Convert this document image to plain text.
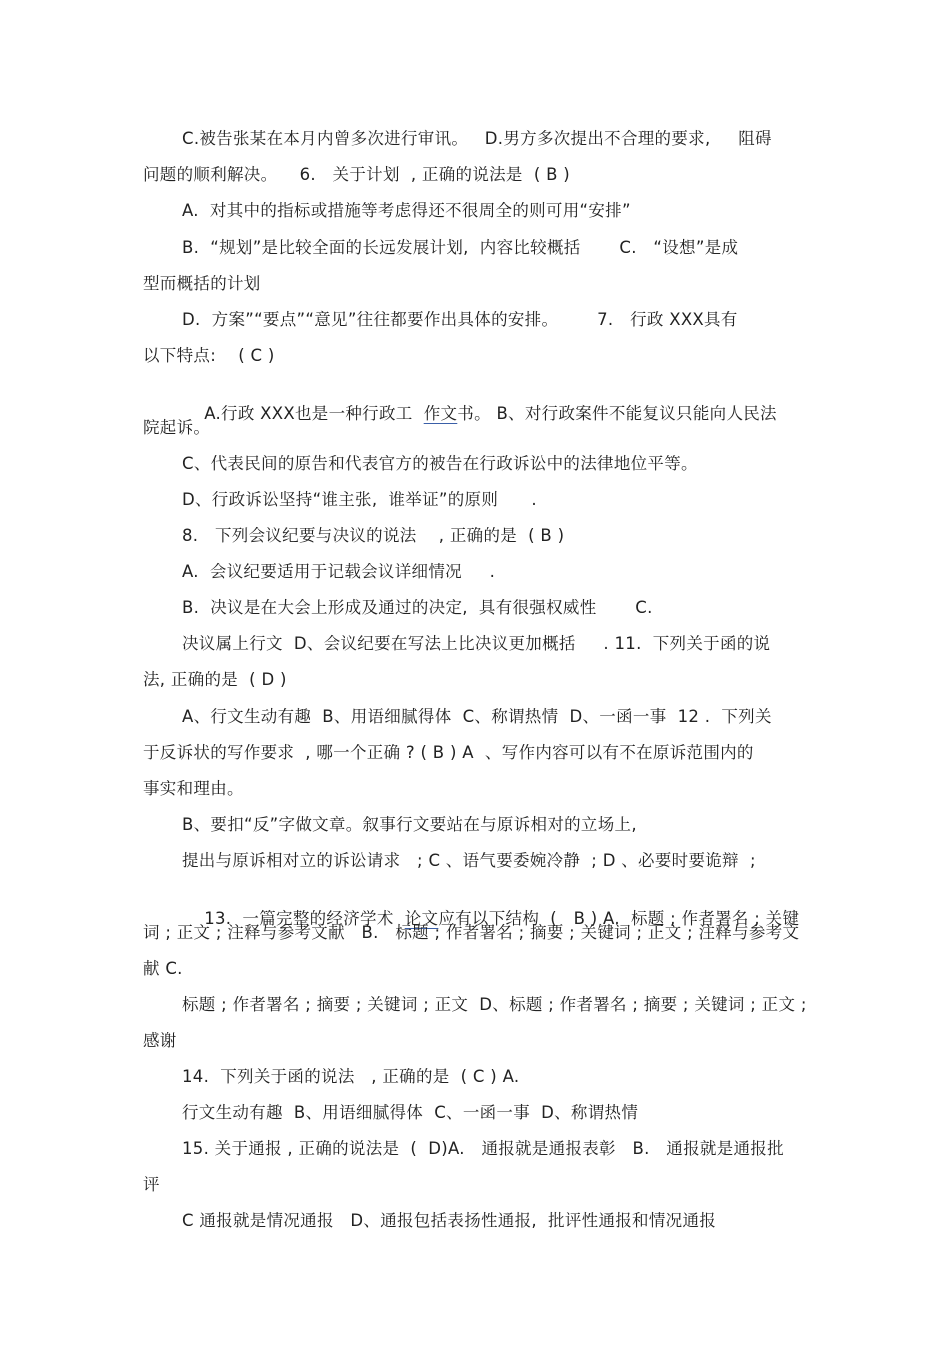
C.被告张某在本月内曾多次进行审讯。   D.男方多次提出不合理的要求,     阻碍
问题的顺利解决。    6.   关于计划  , 正确的说法是  ( B )
A.  对其中的指标或措施等考虑得还不很周全的则可用“安排”
B.  “规划”是比较全面的长远发展计划,  内容比较概括       C.   “设想”是成
型而概括的计划
D.  方案”“要点”“意见”往往都要作出具体的安排。       7.   行政 XXX具有
以下特点:    ( C )

A.行政 XXX也是一种行政工  作文书。 B、对行政案件不能复议只能向人民法

院起诉。
C、代表民间的原告和代表官方的被告在行政诉讼中的法律地位平等。
D、行政诉讼坚持“谁主张,  谁举证”的原则      .
8.   下列会议纪要与决议的说法    , 正确的是  ( B )
A.  会议纪要适用于记载会议详细情况     .
B.  决议是在大会上形成及通过的决定,  具有很强权威性       C.
决议属上行文  D、会议纪要在写法上比决议更加概括     . 11.  下列关于函的说
法, 正确的是  ( D )
A、行文生动有趣  B、用语细腻得体  C、称谓热情  D、一函一事  12 .  下列关
于反诉状的写作要求  , 哪一个正确 ? ( B ) A  、写作内容可以有不在原诉范围内的
事实和理由。
B、要扣“反”字做文章。叙事行文要站在与原诉相对的立场上,
提出与原诉相对立的诉讼请求   ; C 、语气要委婉冷静  ; D 、必要时要诡辩  ;

13.  一篇完整的经济学术  论文应有以下结构  (   B ) A.  标题 ; 作者署名 ; 关键

词 ; 正文 ; 注释与参考文献   B.   标题 ; 作者署名 ; 摘要 ; 关键词 ; 正文 ; 注释与参考文
献 C.
标题 ; 作者署名 ; 摘要 ; 关键词 ; 正文  D、标题 ; 作者署名 ; 摘要 ; 关键词 ; 正文 ;
感谢
14.  下列关于函的说法   , 正确的是  ( C ) A.
行文生动有趣  B、用语细腻得体  C、一函一事  D、称谓热情
15. 关于通报 , 正确的说法是  (  D)A.   通报就是通报表彰   B.   通报就是通报批
评
C 通报就是情况通报   D、通报包括表扬性通报,  批评性通报和情况通报
